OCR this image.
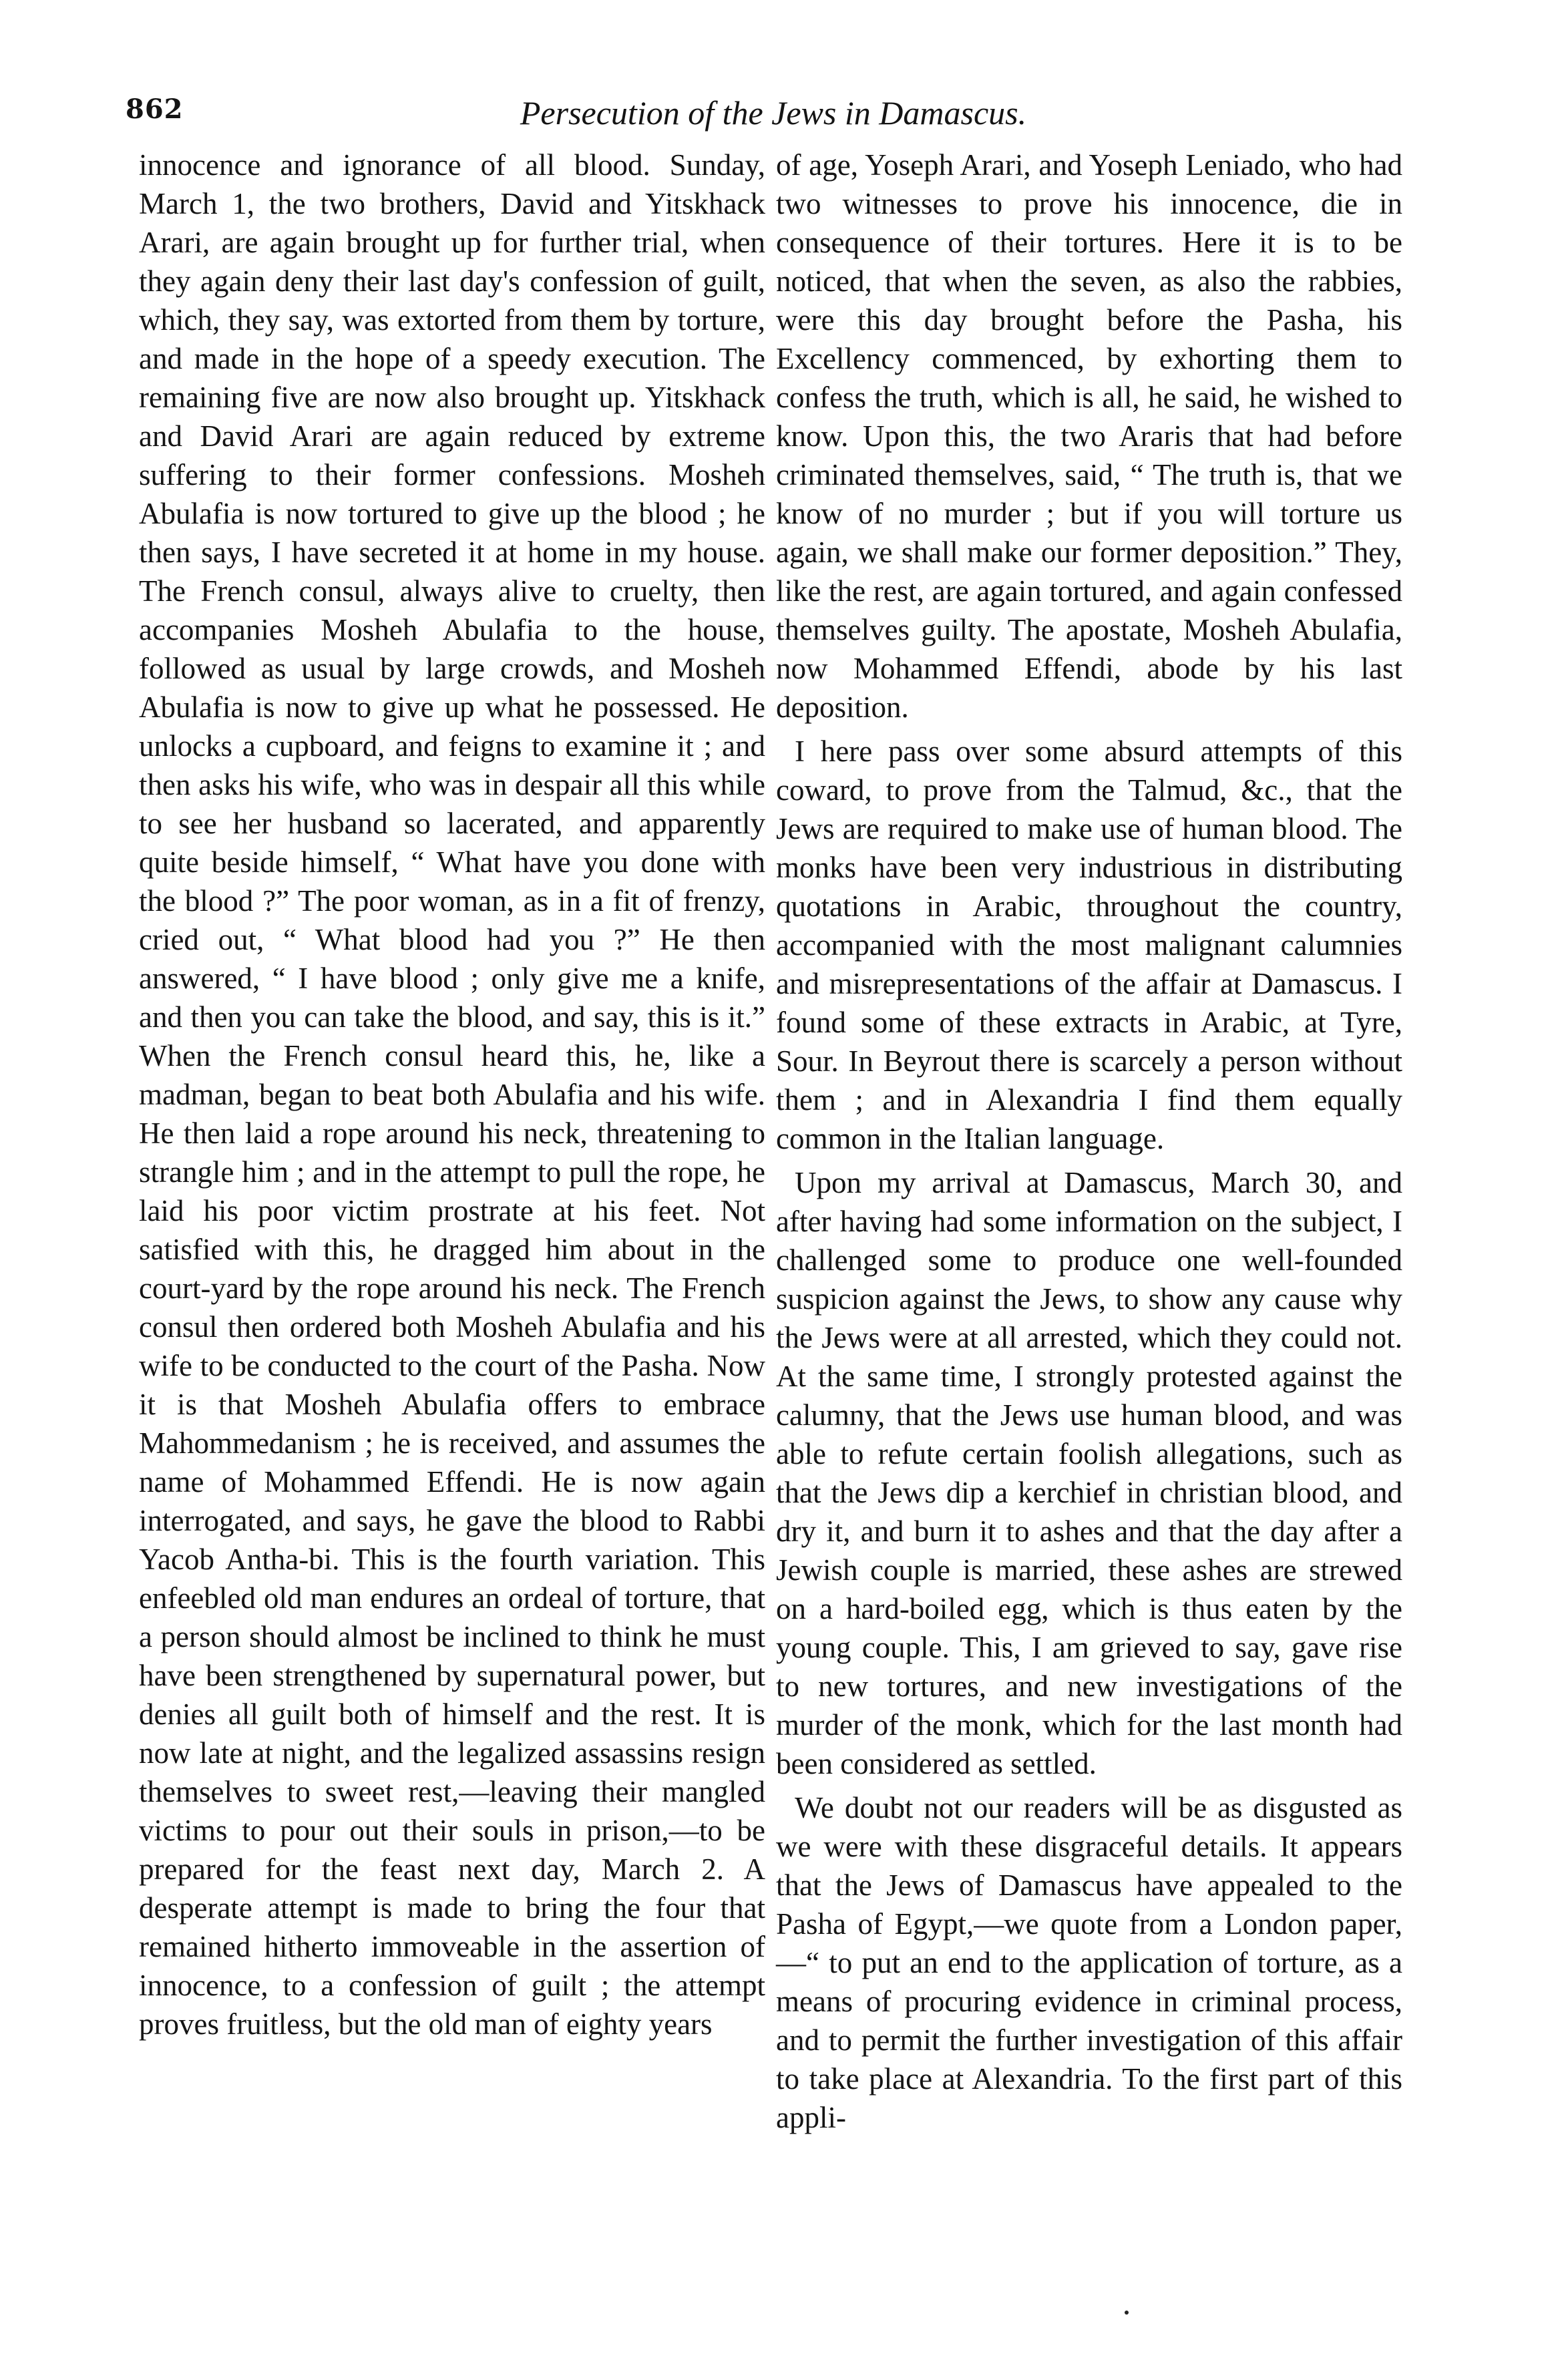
862	Persecution of the Jews in Damascus.

innocence and ignorance of all blood. Sunday, March 1, the two brothers, David and Yitskhack Arari, are again brought up for further trial, when they again deny their last day's confession of guilt, which, they say, was extorted from them by torture, and made in the hope of a speedy execution. The remaining five are now also brought up. Yitskhack and David Arari are again reduced by extreme suffering to their former confessions. Mosheh Abulafia is now tortured to give up the blood ; he then says, I have secreted it at home in my house. The French consul, always alive to cruelty, then accompanies Mosheh Abulafia to the house, followed as usual by large crowds, and Mosheh Abulafia is now to give up what he possessed. He unlocks a cupboard, and feigns to examine it ; and then asks his wife, who was in despair all this while to see her husband so lacerated, and apparently quite beside himself, “ What have you done with the blood ?” The poor woman, as in a fit of frenzy, cried out, “ What blood had you ?” He then answered, “ I have blood ; only give me a knife, and then you can take the blood, and say, this is it.” When the French consul heard this, he, like a madman, began to beat both Abulafia and his wife. He then laid a rope around his neck, threatening to strangle him ; and in the attempt to pull the rope, he laid his poor victim prostrate at his feet. Not satisfied with this, he dragged him about in the court-yard by the rope around his neck. The French consul then ordered both Mosheh Abulafia and his wife to be conducted to the court of the Pasha. Now it is that Mosheh Abulafia offers to embrace Mahommedanism ; he is received, and assumes the name of Mohammed Effendi. He is now again interrogated, and says, he gave the blood to Rabbi Yacob Antha-bi. This is the fourth variation. This enfeebled old man endures an ordeal of torture, that a person should almost be inclined to think he must have been strengthened by supernatural power, but denies all guilt both of himself and the rest. It is now late at night, and the legalized assassins resign themselves to sweet rest,—leaving their mangled victims to pour out their souls in prison,—to be prepared for the feast next day, March 2. A desperate attempt is made to bring the four that remained hitherto immoveable in the assertion of innocence, to a confession of guilt ; the attempt proves fruitless, but the old man of eighty years

of age, Yoseph Arari, and Yoseph Leniado, who had two witnesses to prove his innocence, die in consequence of their tortures. Here it is to be noticed, that when the seven, as also the rabbies, were this day brought before the Pasha, his Excellency commenced, by exhorting them to confess the truth, which is all, he said, he wished to know. Upon this, the two Araris that had before criminated themselves, said, “ The truth is, that we know of no murder ; but if you will torture us again, we shall make our former deposition.” They, like the rest, are again tortured, and again confessed themselves guilty. The apostate, Mosheh Abulafia, now Mohammed Effendi, abode by his last deposition.

I here pass over some absurd attempts of this coward, to prove from the Talmud, &c., that the Jews are required to make use of human blood. The monks have been very industrious in distributing quotations in Arabic, throughout the country, accompanied with the most malignant calumnies and misrepresentations of the affair at Damascus. I found some of these extracts in Arabic, at Tyre, Sour. In Beyrout there is scarcely a person without them ; and in Alexandria I find them equally common in the Italian language.

Upon my arrival at Damascus, March 30, and after having had some information on the subject, I challenged some to produce one well-founded suspicion against the Jews, to show any cause why the Jews were at all arrested, which they could not. At the same time, I strongly protested against the calumny, that the Jews use human blood, and was able to refute certain foolish allegations, such as that the Jews dip a kerchief in christian blood, and dry it, and burn it to ashes and that the day after a Jewish couple is married, these ashes are strewed on a hard-boiled egg, which is thus eaten by the young couple. This, I am grieved to say, gave rise to new tortures, and new investigations of the murder of the monk, which for the last month had been considered as settled.

We doubt not our readers will be as disgusted as we were with these disgraceful details. It appears that the Jews of Damascus have appealed to the Pasha of Egypt,—we quote from a London paper,—“ to put an end to the application of torture, as a means of procuring evidence in criminal process, and to permit the further investigation of this affair to take place at Alexandria. To the first part of this appli-
